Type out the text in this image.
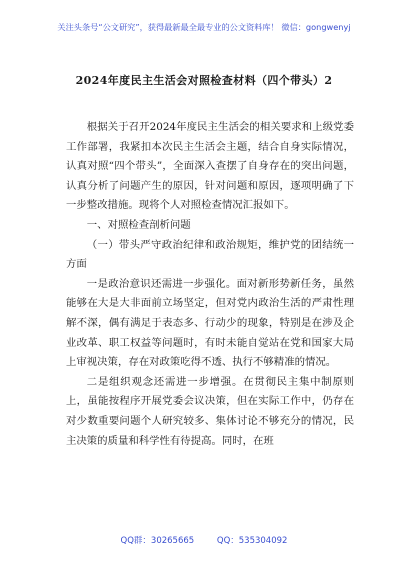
关注头条号“公文研究”，获得最新最全最专业的公文资料库！ 微信：gongwenyj
2024年度民主生活会对照检查材料（四个带头）2

根据关于召开2024年度民主生活会的相关要求和上级党委工作部署，我紧扣本次民主生活会主题，结合自身实际情况，认真对照“四个带头”，全面深入查摆了自身存在的突出问题，认真分析了问题产生的原因，针对问题和原因，逐项明确了下一步整改措施。现将个人对照检查情况汇报如下。

一、对照检查剖析问题

（一）带头严守政治纪律和政治规矩，维护党的团结统一方面

一是政治意识还需进一步强化。面对新形势新任务，虽然能够在大是大非面前立场坚定，但对党内政治生活的严肃性理解不深，偶有满足于表态多、行动少的现象，特别是在涉及企业改革、职工权益等问题时，有时未能自觉站在党和国家大局上审视决策，存在对政策吃得不透、执行不够精准的情况。

二是组织观念还需进一步增强。在贯彻民主集中制原则上，虽能按程序开展党委会议决策，但在实际工作中，仍存在对少数重要问题个人研究较多、集体讨论不够充分的情况，民主决策的质量和科学性有待提高。同时，在班

QQ群：30265665	QQ：535304092
